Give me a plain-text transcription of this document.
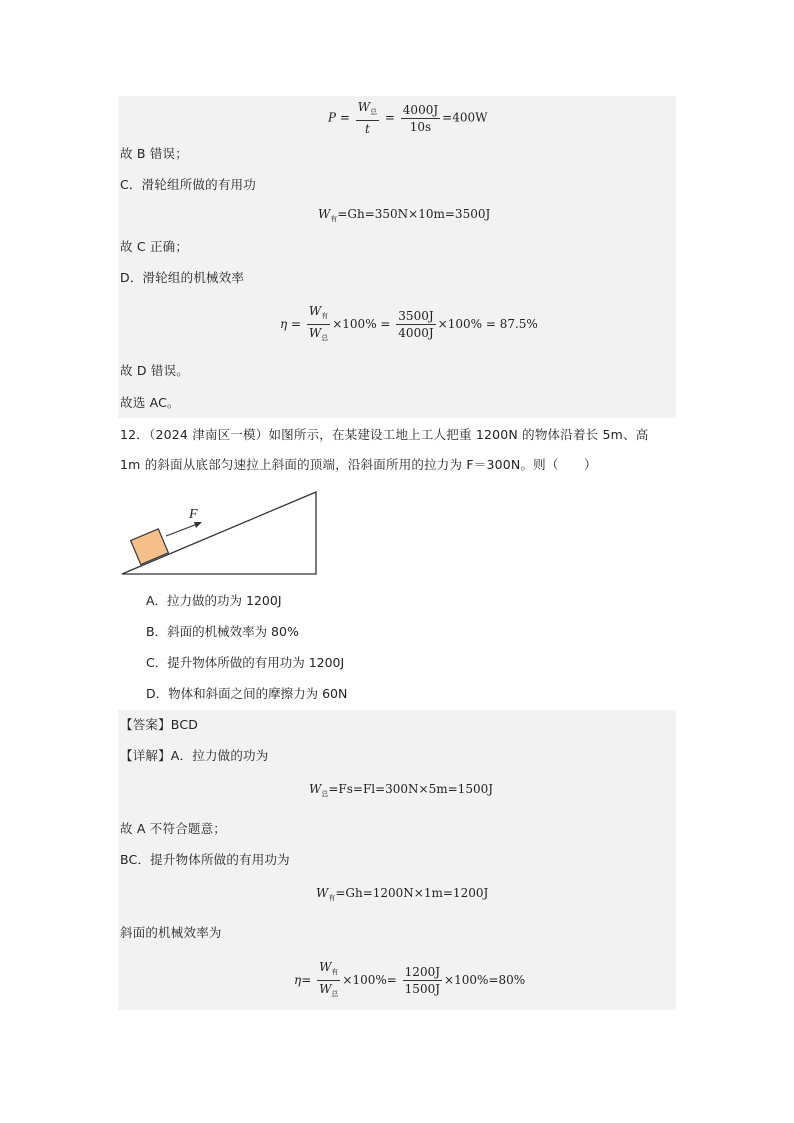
$P = \frac{W_总}{t} = \frac{4000J}{10s} =400W$
故 B 错误；
C．滑轮组所做的有用功
$W_有=Gh=350N\times 10m=3500J$
故 C 正确；
D．滑轮组的机械效率
$\eta = \frac{W_有}{W_总} \times 100\% = \frac{3500J}{4000J} \times 100\% = 87.5\%$
故 D 错误。
故选 AC。
12．（2024 津南区一模）如图所示，在某建设工地上工人把重 1200N 的物体沿着长 5m、高
1m 的斜面从底部匀速拉上斜面的顶端，沿斜面所用的拉力为 F＝300N。则（　　）
F
A．拉力做的功为 1200J
B．斜面的机械效率为 80%
C．提升物体所做的有用功为 1200J
D．物体和斜面之间的摩擦力为 60N
【答案】BCD
【详解】A．拉力做的功为
$W_总=Fs=Fl=300N\times 5m=1500J$
故 A 不符合题意；
BC．提升物体所做的有用功为
$W_有=Gh=1200N\times 1m=1200J$
斜面的机械效率为
$\eta= \frac{W_有}{W_总} \times 100\%= \frac{1200J}{1500J} \times 100\%=80\%$
